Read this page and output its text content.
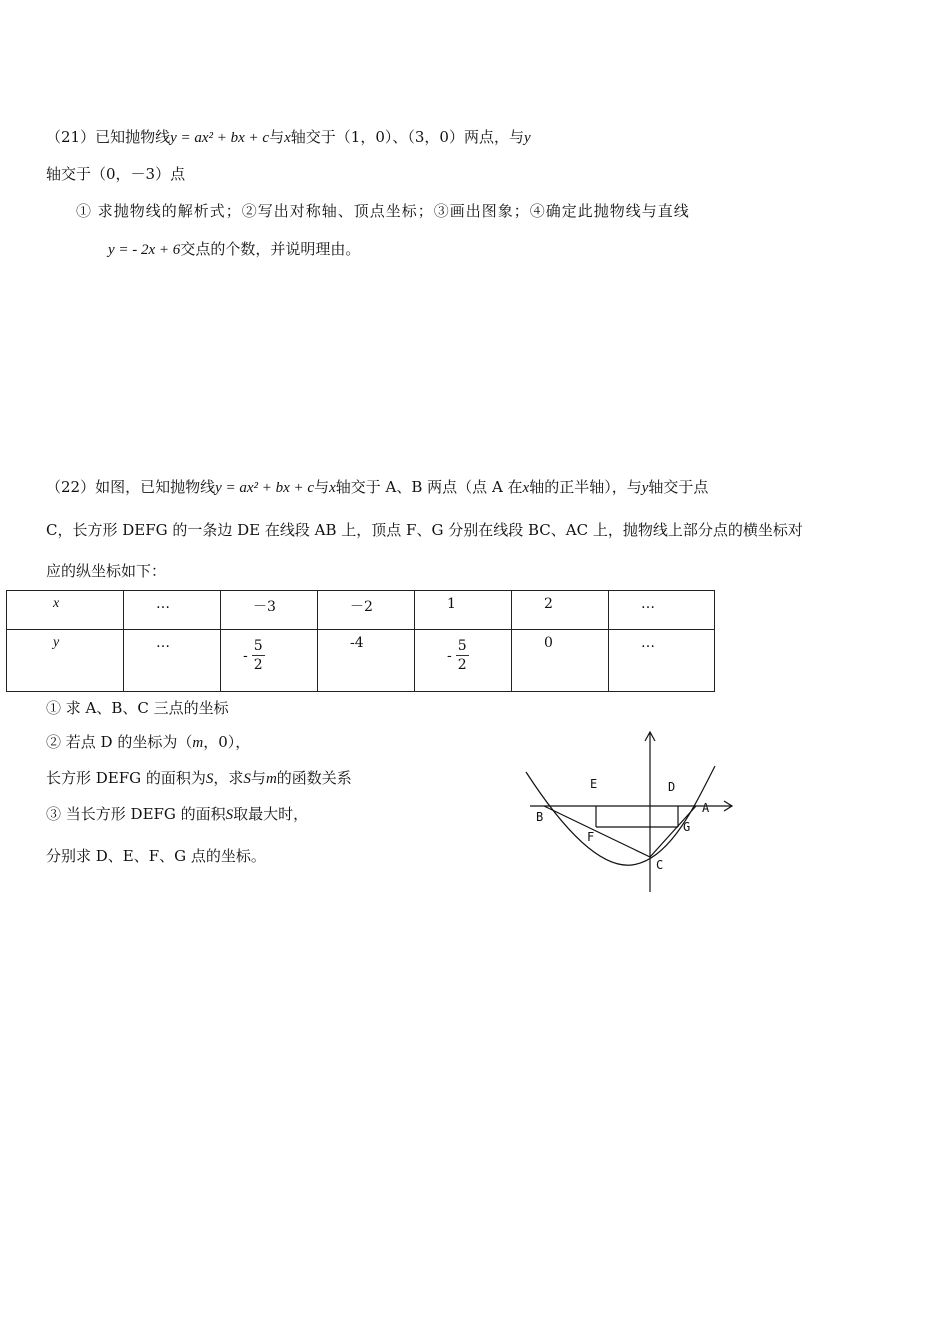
（21）已知抛物线y = ax² + bx + c与x轴交于（1，0）、（3，0）两点，与y
轴交于（0，－3）点
① 求抛物线的解析式；②写出对称轴、顶点坐标；③画出图象；④确定此抛物线与直线
y = - 2x + 6交点的个数，并说明理由。
（22）如图，已知抛物线y = ax² + bx + c与x轴交于 A、B 两点（点 A 在x轴的正半轴），与y轴交于点
C，长方形 DEFG 的一条边 DE 在线段 AB 上，顶点 F、G 分别在线段 BC、AC 上，抛物线上部分点的横坐标对
应的纵坐标如下：
x	…	－3	－2	1	2	…

y	…	- $\frac{5}{2}$	-4	- $\frac{5}{2}$	0	…
① 求 A、B、C 三点的坐标
② 若点 D 的坐标为（m，0），
长方形 DEFG 的面积为S，求S与m的函数关系
③ 当长方形 DEFG 的面积S取最大时，
分别求 D、E、F、G 点的坐标。
B
E	D
A
F
G
C
